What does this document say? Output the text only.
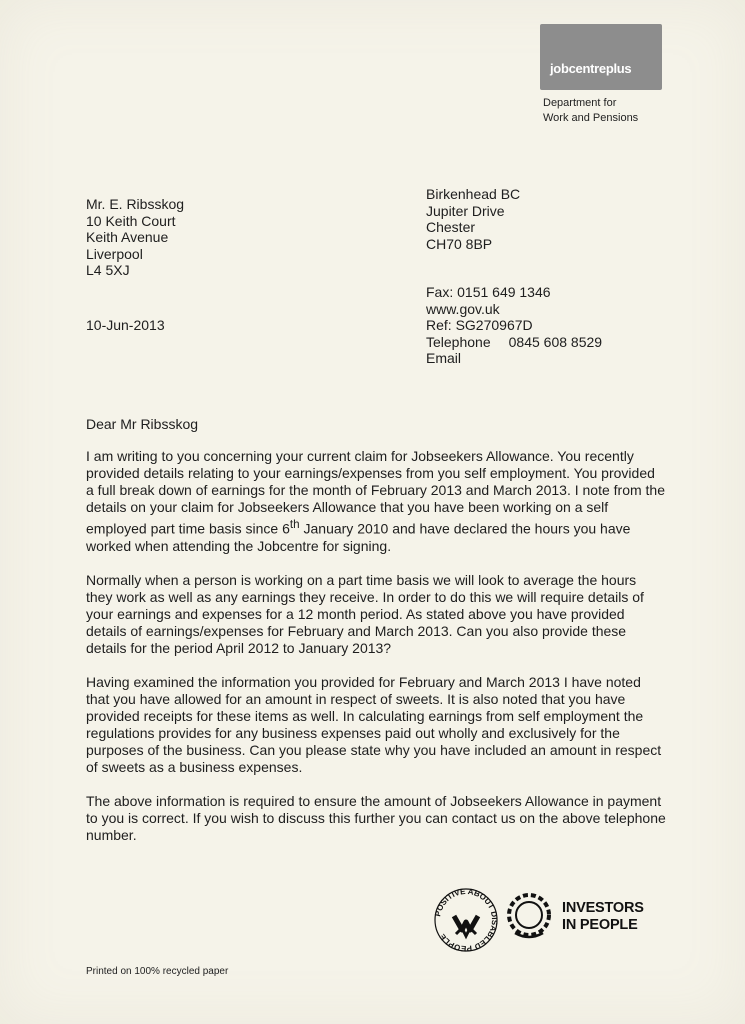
jobcentreplus
Department for
Work and Pensions
Mr. E. Ribsskog
10 Keith Court
Keith Avenue
Liverpool
L4 5XJ
Birkenhead BC
Jupiter Drive
Chester
CH70 8BP
Fax: 0151 649 1346
www.gov.uk
Ref: SG270967D
Telephone 0845 608 8529
Email
10-Jun-2013
Dear Mr Ribsskog

I am writing to you concerning your current claim for Jobseekers Allowance. You recently provided details relating to your earnings/expenses from you self employment. You provided a full break down of earnings for the month of February 2013 and March 2013. I note from the details on your claim for Jobseekers Allowance that you have been working on a self employed part time basis since 6th January 2010 and have declared the hours you have worked when attending the Jobcentre for signing.

Normally when a person is working on a part time basis we will look to average the hours they work as well as any earnings they receive. In order to do this we will require details of your earnings and expenses for a 12 month period. As stated above you have provided details of earnings/expenses for February and March 2013. Can you also provide these details for the period April 2012 to January 2013?

Having examined the information you provided for February and March 2013 I have noted that you have allowed for an amount in respect of sweets. It is also noted that you have provided receipts for these items as well. In calculating earnings from self employment the regulations provides for any business expenses paid out wholly and exclusively for the purposes of the business. Can you please state why you have included an amount in respect of sweets as a business expenses.

The above information is required to ensure the amount of Jobseekers Allowance in payment to you is correct. If you wish to discuss this further you can contact us on the above telephone number.

POSITIVE ABOUT DISABLED PEOPLE
INVESTORS
IN PEOPLE
Printed on 100% recycled paper
